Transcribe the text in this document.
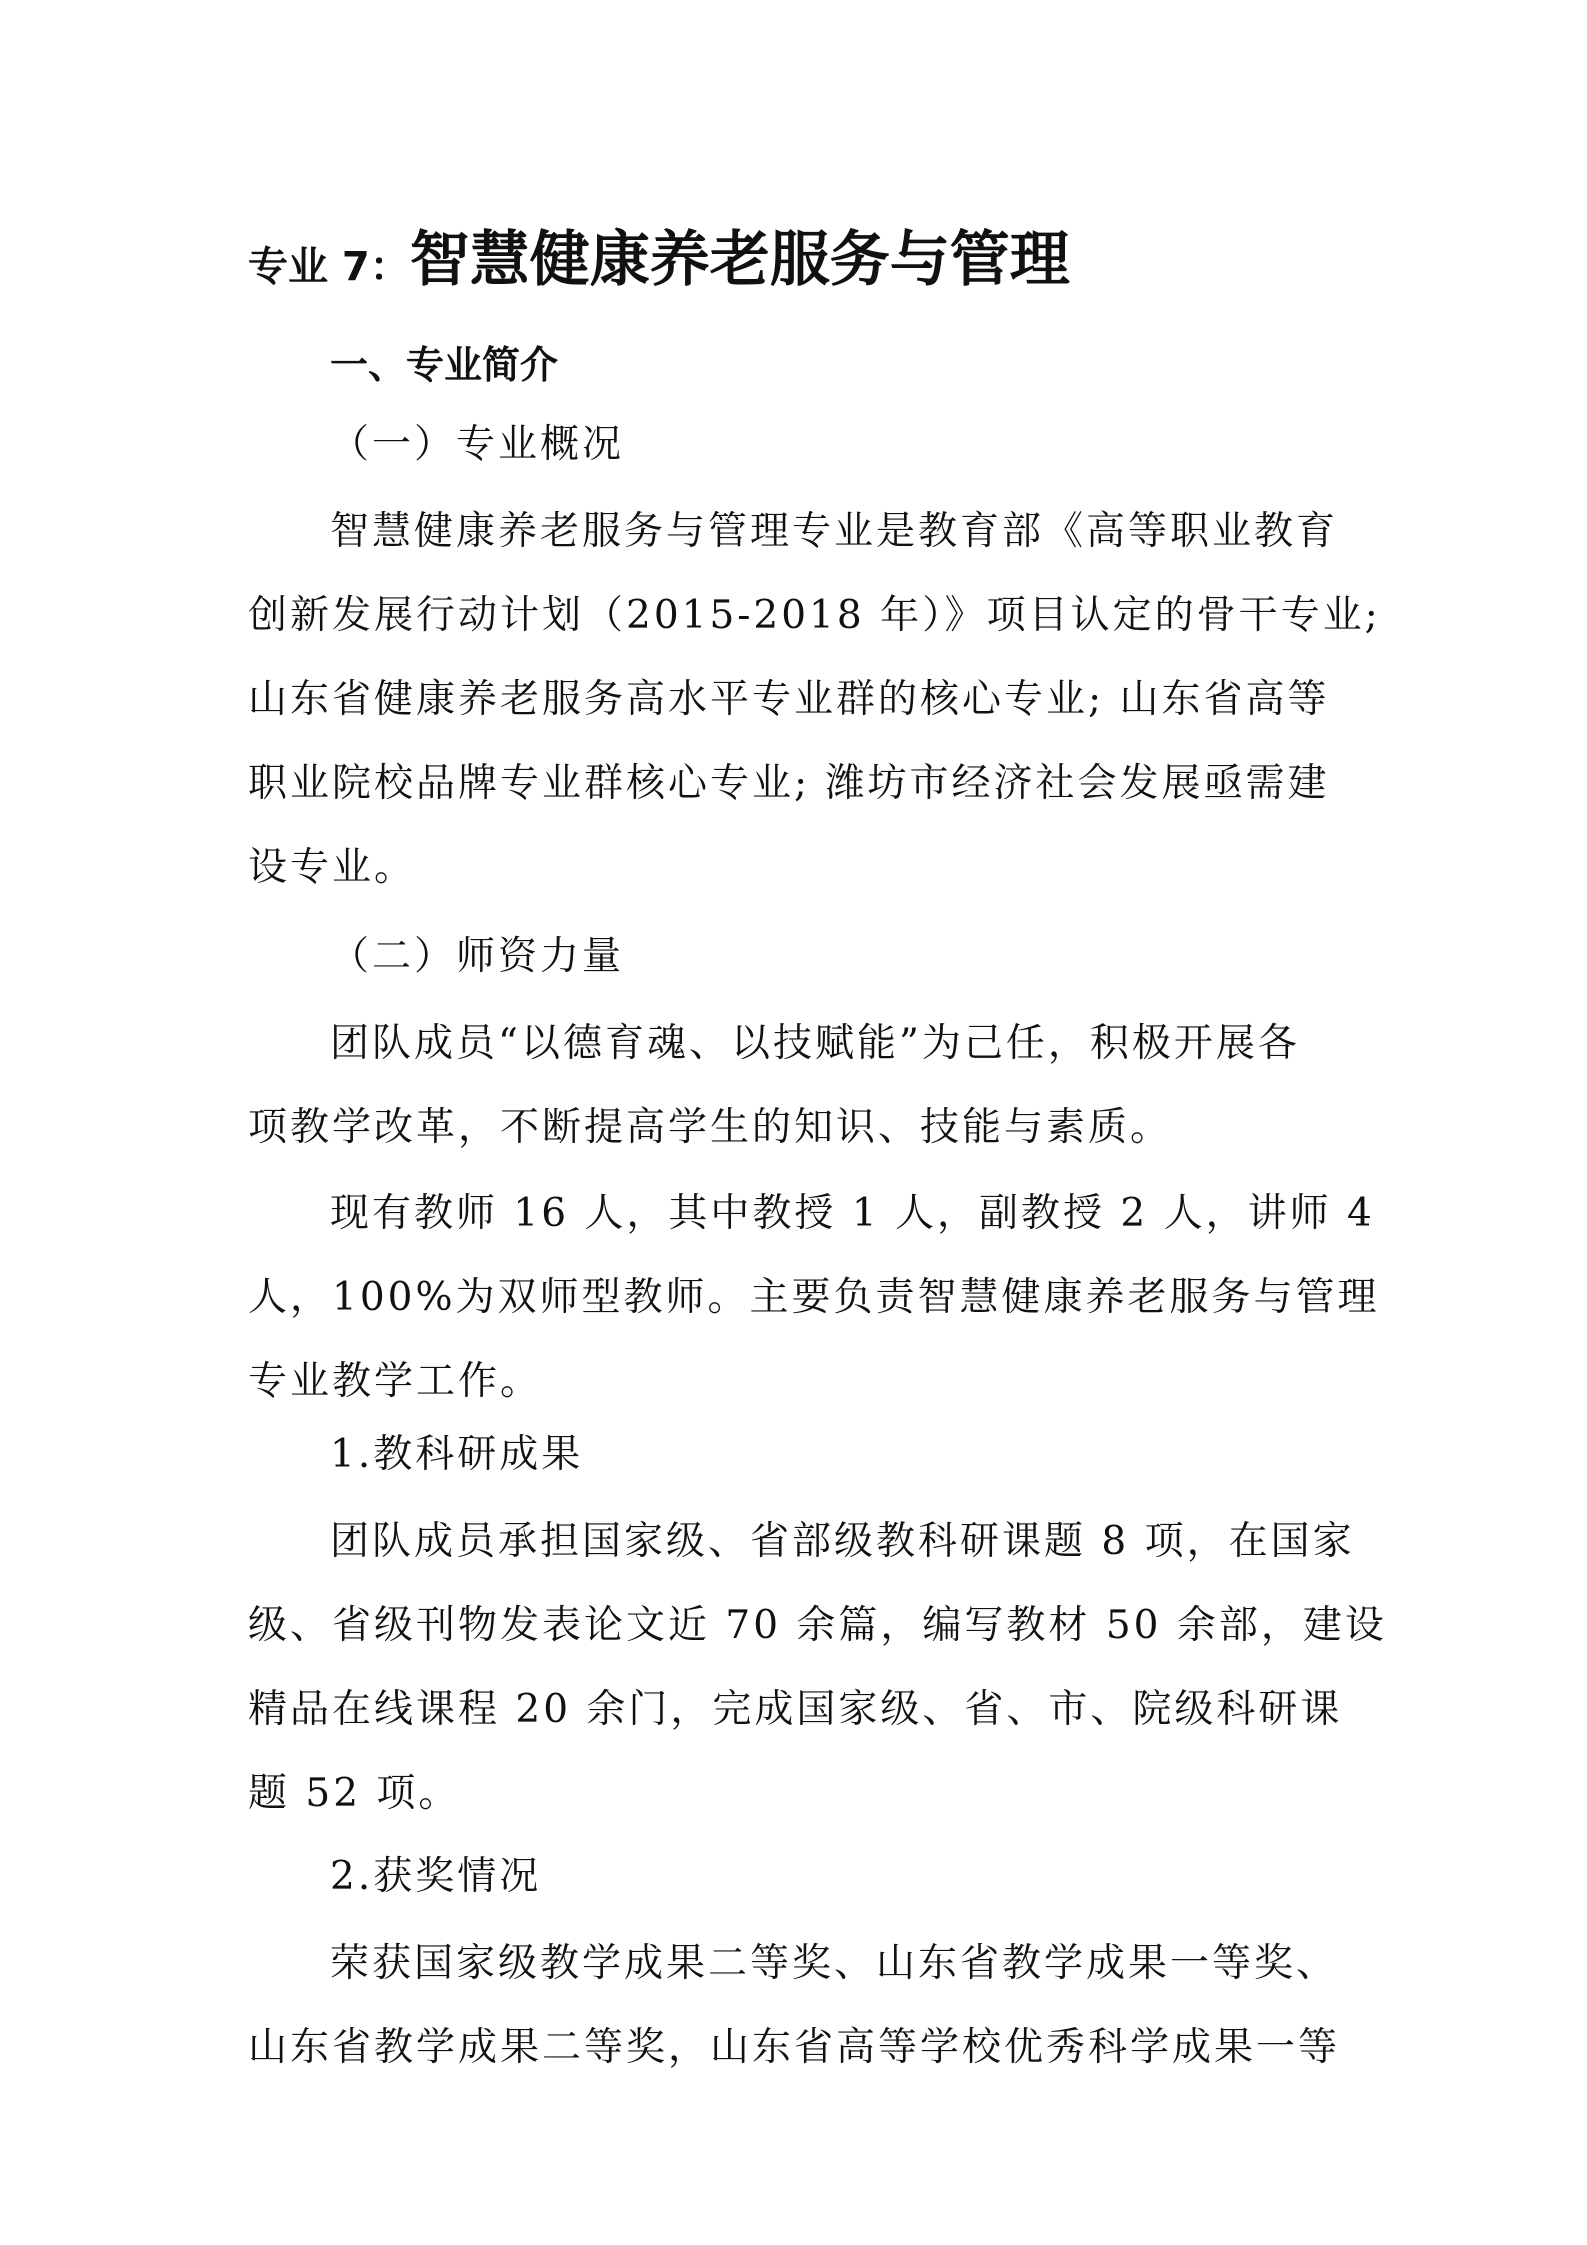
专业 7：智慧健康养老服务与管理
一、专业简介
（一）专业概况
智慧健康养老服务与管理专业是教育部《高等职业教育
创新发展行动计划（2015-2018 年）》项目认定的骨干专业;
山东省健康养老服务高水平专业群的核心专业; 山东省高等
职业院校品牌专业群核心专业; 潍坊市经济社会发展亟需建
设专业。
（二）师资力量
团队成员“以德育魂、以技赋能”为己任，积极开展各
项教学改革，不断提高学生的知识、技能与素质。
现有教师 16 人，其中教授 1 人，副教授 2 人，讲师 4
人，100%为双师型教师。主要负责智慧健康养老服务与管理
专业教学工作。
1.教科研成果
团队成员承担国家级、省部级教科研课题 8 项，在国家
级、省级刊物发表论文近 70 余篇，编写教材 50 余部，建设
精品在线课程 20 余门，完成国家级、省、市、院级科研课
题 52 项。
2.获奖情况
荣获国家级教学成果二等奖、山东省教学成果一等奖、
山东省教学成果二等奖，山东省高等学校优秀科学成果一等
